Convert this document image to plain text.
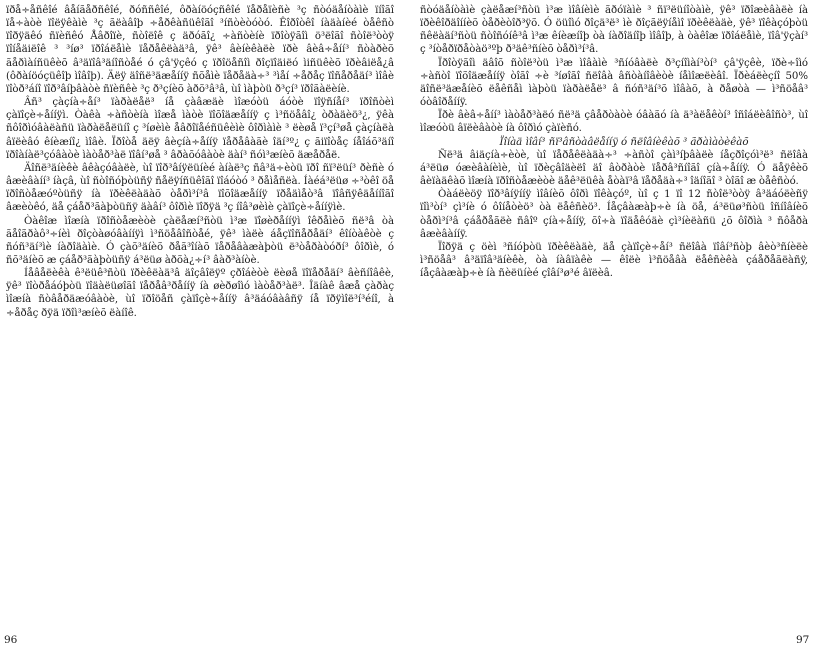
ïðå÷åñêîé âåíãåðñêîé, ðóññêîé, ôðàíöóçñêîé ïåðåïèñè ³ç ñòóäåíòàìè ïíîãî ïå÷àòè ïîëÿêàìè ³ç ãëàâîþ ÷åðêàñüêîãî ³íñòèòóòó. Êîðîòêî íàäàíèé òåêñò ïîðÿäêó ñïèñêó Åâðîïè, ñòîëîê ç äðóãî¿ ÷àñòèíè ïðîòÿãîì ö³ëîãî ñòîë³òòÿ ïîíåäiëîê ³ ³íø³ ïðîáëåìè ïåðåêëàä³â, ÿê³ âèíèêàëè ïðè âèâ÷åíí³ ñòàðèõ ãåðìàíñüêèõ â³äïîâ³äíîñòåé ó çâ'ÿçêó ç ïðîöåñîì ðîçïîäiëó ìiñüêèõ ïðèâiëå¿â (ôðàíöóçüêîþ ìîâîþ). Äëÿ äîñë³äæåííÿ ñõåìè ïåðåäà÷³ ³ìåí ÷åðåç ïîñåðåäí³ ìîâè ïîòð³áíî ïîð³âíþâàòè ñïèñêè ³ç ð³çíèõ àðõ³â³â, ùî ìàþòü ð³çí³ ïðîãàëèíè.

Âñ³ çàçíà÷åí³ ïàðàëåë³ íå çàâæäè ìîæóòü áóòè ïîÿñíåí³ ïðîñòèì çàïîçè÷åííÿì. Òàêà ÷àñòèíà ìîæå ìàòè ïîõîäæåííÿ ç ì³ñöåâî¿ òðàäèö³¿, ÿêà ñôîðìóâàëàñü ïàðàëåëüíî ç ³íøèìè åâðîïåéñüêèìè ôîðìàìè ³ ëèøå ï³çí³øå çàçíàëà âïëèâó êíèæíî¿ ìîâè. Ïðîòå äëÿ âèçíà÷åííÿ ïåðåâàãè îäí³º¿ ç ãіïîòåç íåîáõ³äíî ïðîàíàë³çóâàòè ìàòåð³àë ïîâí³øå ³ âðàõóâàòè äàí³ ñóì³æíèõ äæåðåë.

Äîñë³äíèêè âêàçóâàëè, ùî ïîð³âíÿëüíèé àíàë³ç ñâ³ä÷èòü ïðî ñï³ëüí³ ðèñè ó âæèâàíí³ íàçâ, ùî ñòîñóþòüñÿ ñåëÿíñüêîãî ïîáóòó ³ ðåìåñëà. Íàéá³ëüø ÷³òêî öå ïðîñòåæóºòüñÿ íà ïðèêëàäàõ òåðì³í³â ïîõîäæåííÿ ïðåäìåò³â ïîâñÿêäåííîãî âæèòêó, äå çáåð³ãàþòüñÿ äàâí³ ôîðìè ïîðÿä ³ç íîâ³øèìè çàïîçè÷åííÿìè.

Òàêîæ ìîæíà ïðîñòåæèòè çàëåæí³ñòü ì³æ ïîøèðåííÿì îêðåìèõ ñë³â òà ãåîãðàô³÷íèì ðîçòàøóâàííÿì ì³ñöåâîñòåé, ÿê³ ìàëè áåçïîñåðåäí³ êîíòàêòè ç ñóñ³äí³ìè íàðîäàìè. Ó çàõ³äíèõ ðåã³îíàõ ïåðåâàæàþòü ë³òåðàòóðí³ ôîðìè, ó ñõ³äíèõ æ çáåð³ãàþòüñÿ á³ëüø àðõà¿÷í³ âàð³àíòè.

Íåâåëèêà ê³ëüê³ñòü ïðèêëàä³â äîçâîëÿº çðîáèòè ëèøå ïîïåðåäí³ âèñíîâêè, ÿê³ ïîòðåáóþòü ïîäàëüøîãî ïåðåâ³ðåííÿ íà øèðøîìó ìàòåð³àë³. Îäíàê âæå çàðàç ìîæíà ñòâåðäæóâàòè, ùî ïðîöåñ çàïîçè÷åííÿ â³äáóâàâñÿ íå ïðÿìîë³í³éíî, à ÷åðåç ðÿä ïðîì³æíèõ ëàíîê.

ñòóäåíòàìè çàëåæí³ñòü ì³æ ìîâíèìè ãðóïàìè ³ ñï³ëüíîòàìè, ÿê³ ïðîæèâàëè íà ïðèêîðäîííèõ òåðèòîð³ÿõ. Ó öüîìó ðîçä³ë³ ìè ðîçãëÿíåìî ïðèêëàäè, ÿê³ ïîêàçóþòü ñêëàäí³ñòü ñòîñóíê³â ì³æ êíèæíîþ òà íàðîäíîþ ìîâîþ, à òàêîæ ïðîáëåìè, ïîâ'ÿçàí³ ç ³íòåðïðåòàö³ºþ ð³äê³ñíèõ òåðì³í³â.

Ïðîòÿãîì äâîõ ñòîë³òü ì³æ ìîâàìè ³ñíóâàëè ð³çíîìàí³òí³ çâ'ÿçêè, ïðè÷îìó ÷àñòî ïîõîäæåííÿ òîãî ÷è ³íøîãî ñëîâà âñòàíîâèòè íåìîæëèâî. Ïðèáëèçíî 50% äîñë³äæåíèõ ëåêñåì ìàþòü ïàðàëåë³ â ñóñ³äí³õ ìîâàõ, à ðåøòà — ì³ñöåâ³ óòâîðåííÿ.

Ïðè âèâ÷åíí³ ìàòåð³àëó ñë³ä çâåðòàòè óâàãó íà ä³àëåêòí³ îñîáëèâîñò³, ùî ìîæóòü âïëèâàòè íà ôîðìó çàïèñó.

Ïîíàä ìîâí³ ñï³âñòàâëåííÿ ó ñëîâíèêàõ ³ ãðàìàòèêàõ

Ñë³ä âiäçíà÷èòè, ùî ïåðåêëàäà÷³ ÷àñòî çàì³íþâàëè íåçðîçóì³ë³ ñëîâà á³ëüø óæèâàíèìè, ùî ïðèçâîäèëî äî âòðàòè ïåðâ³ñíîãî çíà÷åííÿ. Ó äåÿêèõ âèïàäêàõ ìîæíà ïðîñòåæèòè äåê³ëüêà åòàï³â ïåðåäà÷³ îäíîãî ³ òîãî æ òåêñòó.

Òàáëèöÿ ïîð³âíÿííÿ ìîâíèõ ôîðì ïîêàçóº, ùî ç 1 ïî 12 ñòîë³òòÿ â³äáóëèñÿ ïîì³òí³ çì³íè ó ôîíåòèö³ òà ëåêñèö³. Íåçâàæàþ÷è íà öå, á³ëüø³ñòü îñíîâíèõ òåðì³í³â çáåðåãëè ñâîº çíà÷åííÿ, õî÷à ïîäåêóäè çì³íèëàñü ¿õ ôîðìà ³ ñôåðà âæèâàííÿ.

Ïîðÿä ç öèì ³ñíóþòü ïðèêëàäè, äå çàïîçè÷åí³ ñëîâà ïîâí³ñòþ âèò³ñíèëè ì³ñöåâ³ â³äïîâ³äíèêè, òà íàâïàêè — êîëè ì³ñöåâà ëåêñèêà çáåðåãëàñÿ, íåçâàæàþ÷è íà ñèëüíèé çîâí³ø³é âïëèâ.

96	97
